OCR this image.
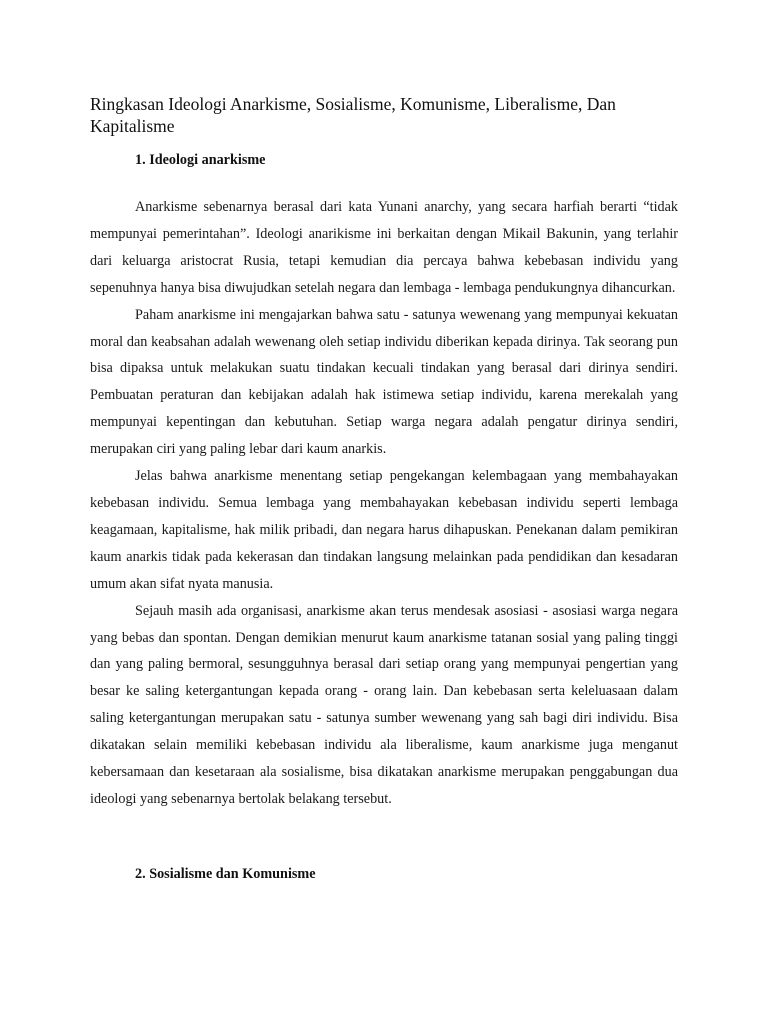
Ringkasan Ideologi Anarkisme, Sosialisme, Komunisme, Liberalisme, Dan Kapitalisme
1. Ideologi anarkisme

Anarkisme sebenarnya berasal dari kata Yunani anarchy, yang secara harfiah berarti “tidak mempunyai pemerintahan”. Ideologi anarikisme ini berkaitan dengan Mikail Bakunin, yang terlahir dari keluarga aristocrat Rusia, tetapi kemudian dia percaya bahwa kebebasan individu yang sepenuhnya hanya bisa diwujudkan setelah negara dan lembaga - lembaga pendukungnya dihancurkan.

Paham anarkisme ini mengajarkan bahwa satu - satunya wewenang yang mempunyai kekuatan moral dan keabsahan adalah wewenang oleh setiap individu diberikan kepada dirinya. Tak seorang pun bisa dipaksa untuk melakukan suatu tindakan kecuali tindakan yang berasal dari dirinya sendiri. Pembuatan peraturan dan kebijakan adalah hak istimewa setiap individu, karena merekalah yang mempunyai kepentingan dan kebutuhan. Setiap warga negara adalah pengatur dirinya sendiri, merupakan ciri yang paling lebar dari kaum anarkis.

Jelas bahwa anarkisme menentang setiap pengekangan kelembagaan yang membahayakan kebebasan individu. Semua lembaga yang membahayakan kebebasan individu seperti lembaga keagamaan, kapitalisme, hak milik pribadi, dan negara harus dihapuskan. Penekanan dalam pemikiran kaum anarkis tidak pada kekerasan dan tindakan langsung melainkan pada pendidikan dan kesadaran umum akan sifat nyata manusia.

Sejauh masih ada organisasi, anarkisme akan terus mendesak asosiasi - asosiasi warga negara yang bebas dan spontan. Dengan demikian menurut kaum anarkisme tatanan sosial yang paling tinggi dan yang paling bermoral, sesungguhnya berasal dari setiap orang yang mempunyai pengertian yang besar ke saling ketergantungan kepada orang - orang lain. Dan kebebasan serta keleluasaan dalam saling ketergantungan merupakan satu - satunya sumber wewenang yang sah bagi diri individu. Bisa dikatakan selain memiliki kebebasan individu ala liberalisme, kaum anarkisme juga menganut kebersamaan dan kesetaraan ala sosialisme, bisa dikatakan anarkisme merupakan penggabungan dua ideologi yang sebenarnya bertolak belakang tersebut.

2. Sosialisme dan Komunisme
